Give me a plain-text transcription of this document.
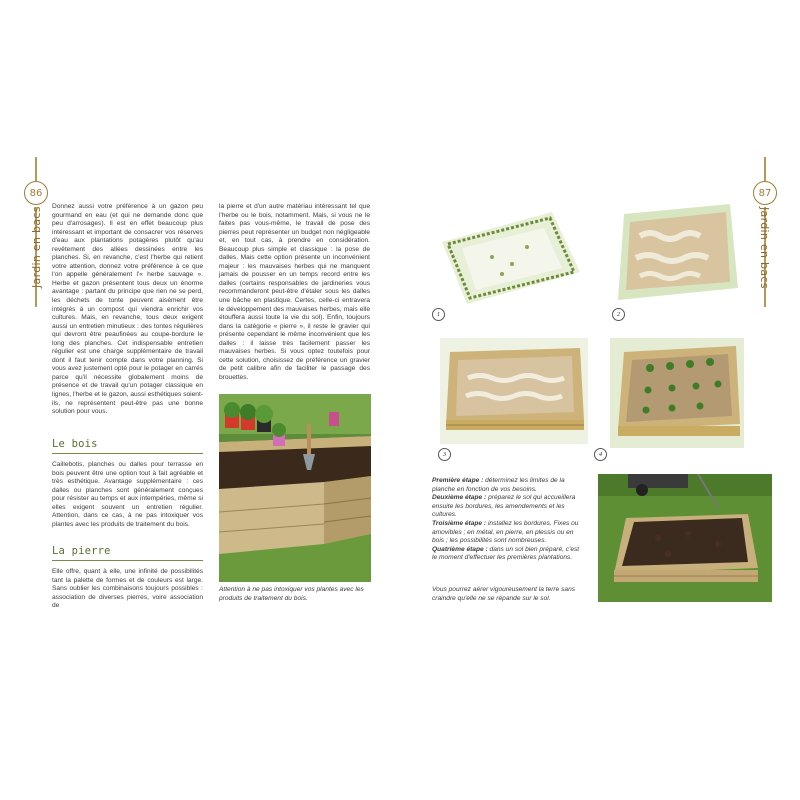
86
Jardin en bacs Donnez aussi votre préférence à un gazon peu gourmand en eau (et qui ne demande donc que peu d'arrosages). Il est en effet beaucoup plus intéressant et important de consacrer vos réserves d'eau aux plantations potagères plutôt qu'au revêtement des allées dessinées entre les planches. Si, en revanche, c'est l'herbe qui retient votre attention, donnez votre préférence à ce que l'on appelle généralement l'« herbe sauvage ». Herbe et gazon présentent tous deux un énorme avantage : partant du principe que rien ne se perd, les déchets de tonte peuvent aisément être intégrés à un compost qui viendra enrichir vos cultures. Mais, en revanche, tous deux exigent aussi un entretien minutieux : des tontes régulières qui devront être peaufinées au coupe-bordure le long des planches. Cet indispensable entretien régulier est une charge supplémentaire de travail dont il faut tenir compte dans votre planning. Si vous avez justement opté pour le potager en carrés parce qu'il nécessite globalement moins de présence et de travail qu'un potager classique en lignes, l'herbe et le gazon, aussi esthétiques soient-ils, ne représentent peut-être pas une bonne solution pour vous.

Le bois

Caillebotis, planches ou dalles pour terrasse en bois peuvent être une option tout à fait agréable et très esthétique. Avantage supplémentaire : ces dalles ou planches sont généralement conçues pour résister au temps et aux intempéries, même si elles exigent souvent un entretien régulier. Attention, dans ce cas, à ne pas intoxiquer vos plantes avec les produits de traitement du bois.

La pierre

Elle offre, quant à elle, une infinité de possibilités tant la palette de formes et de couleurs est large. Sans oublier les combinaisons toujours possibles : association de diverses pierres, voire association de

la pierre et d'un autre matériau intéressant tel que l'herbe ou le bois, notamment. Mais, si vous ne le faites pas vous-même, le travail de pose des pierres peut représenter un budget non négligeable et, en tout cas, à prendre en considération. Beaucoup plus simple et classique : la pose de dalles. Mais cette option présente un inconvénient majeur : les mauvaises herbes qui ne manquent jamais de pousser en un temps record entre les dalles (certains responsables de jardineries vous recommanderont peut-être d'étaler sous les dalles une bâche en plastique. Certes, celle-ci entravera le développement des mauvaises herbes, mais elle étouffera aussi toute la vie du sol). Enfin, toujours dans la catégorie « pierre », il reste le gravier qui présente cependant le même inconvénient que les dalles : il laisse très facilement passer les mauvaises herbes. Si vous optez toutefois pour cette solution, choisissez de préférence un gravier de petit calibre afin de faciliter le passage des brouettes.

Attention à ne pas intoxiquer vos plantes avec les produits de traitement du bois.
87
Jardin en bacs
1	2
3	4
Première étape : déterminez les limites de la planche en fonction de vos besoins.
Deuxième étape : préparez le sol qui accueillera ensuite les bordures, les amendements et les cultures.
Troisième étape : installez les bordures. Fixes ou amovibles ; en métal, en pierre, en plessis ou en bois ; les possibilités sont nombreuses.
Quatrième étape : dans un sol bien préparé, c'est le moment d'effectuer les premières plantations.
Vous pourrez aérer vigoureusement la terre sans craindre qu'elle ne se répande sur le sol.
